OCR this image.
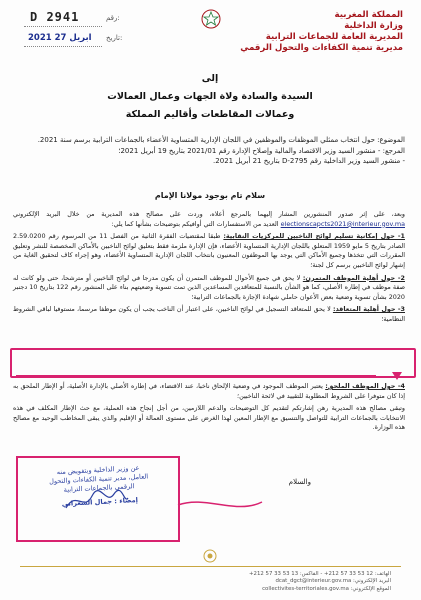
D 2941	رقم:
2021 27 ابريل تاريخ:
المملكة المغربية
وزارة الداخلية
المديرية العامة للجماعات الترابية
مديرية تنمية الكفاءات والتحول الرقمي
إلى
السيدة والسادة ولاة الجهات وعمال العمالات
وعمالات المقاطعات وأقاليم المملكة
الموضوع: حول انتخاب ممثلي الموظفات والموظفين في اللجان الإدارية المتساوية الأعضاء بالجماعات الترابية برسم سنة 2021.
المرجع: - منشور السيد وزير الاقتصاد والمالية وإصلاح الإدارة رقم 2021/01 بتاريخ 19 أبريل 2021؛
- منشور السيد وزير الداخلية رقم D-2795 بتاريخ 21 أبريل 2021.
سلام تام بوجود مولانا الإمام

وبعد، على إثر صدور المنشورين المشار إليهما بالمرجع أعلاه، وردت على مصالح هذه المديرية من خلال البريد الإلكتروني electionscapcts2021@interieur.gov.ma العديد من الاستفسارات التي أوافيكم بتوضيحات بشأنها كما يلي:

1- حول إمكانية تسليم لوائح الناخبين للمركزيات النقابية: طبقا لمقتضيات الفقرة الثانية من الفصل 11 من المرسوم رقم 2.59.0200 الصادر بتاريخ 5 مايو 1959 المتعلق باللجان الإدارية المتساوية الأعضاء، فإن الإدارة ملزمة فقط بتعليق لوائح الناخبين بالأماكن المخصصة للنشر وتعليق المقررات التي تتخذها وجميع الأماكن التي يوجد بها الموظفون المعنيون بانتخاب اللجان الإدارية المتساوية الأعضاء، وهو إجراء كاف لتحقيق الغاية من إشهار لوائح الناخبين برسم كل لجنة؛

2- حول أهلية الموظف المتمرن: لا يحق في جميع الأحوال للموظف المتمرن أن يكون مدرجا في لوائح الناخبين أو مترشحا، حتى ولو كانت له صفة موظف في إطاره الأصلي، كما هو الشأن بالنسبة للمتعاقدين المساعدين الذين تمت تسوية وضعيتهم بناء على المنشور رقم 122 بتاريخ 10 دجنبر 2020 بشأن تسوية وضعية بعض الأعوان حاملي شهادة الإجازة بالجماعات الترابية؛

3- حول أهلية المتعاقد: لا يحق للمتعاقد التسجيل في لوائح الناخبين، على اعتبار أن الناخب يجب أن يكون موظفا مرسما، مستوفيا لباقي الشروط النظامية؛

4- حول الموظف الملحق: يعتبر الموظف الموجود في وضعية الإلحاق ناخبا، عند الاقتضاء، في إطاره الأصلي بالإدارة الأصلية، أو الإطار الملحق به إذا كان متوفرا على الشروط المطلوبة للتقييد في لائحة الناخبين؛

وتبقى مصالح هذه المديرية رهن إشارتكم لتقديم كل التوضيحات والدعم اللازمين، من أجل إنجاح هذه العملية، مع حث الإطار المكلف في هذه الانتخابات بالجماعات الترابية للتواصل والتنسيق مع الإطار المعين لهذا الغرض على مستوى العمالة أو الإقليم والذي يبقى المخاطب الوحيد مع مصالح هذه الوزارة.

والسلام
عن وزير الداخلية وبتفويض منه
العامل، مدير تنمية الكفاءات والتحول
الرقمي بالجماعات الترابية
إمضاء : جمال الشعراني
الهاتف: 12 53 33 57 212+ - الفاكس: 13 53 33 57 212+
البريد الإلكتروني: dcat_dgct@interieur.gov.ma
الموقع الإلكتروني: collectivites-territoriales.gov.ma
